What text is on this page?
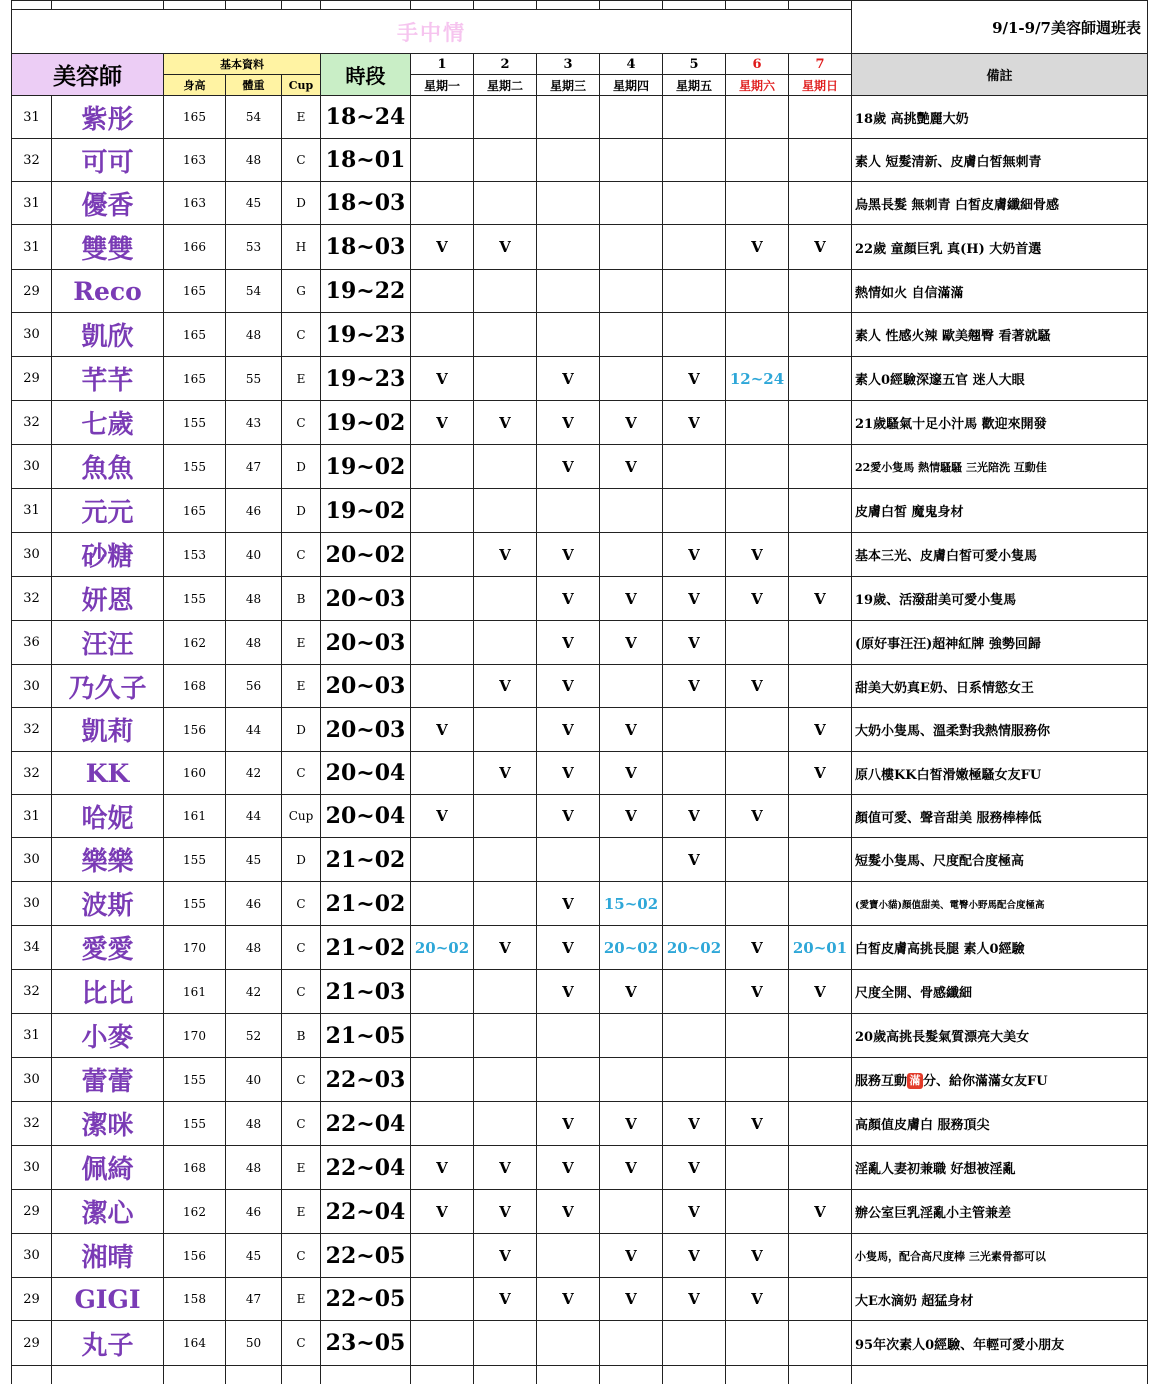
													9/1-9/7美容師週班表
手中情													
美容師		基本資料			時段	1	2	3	4	5	6	7	備註
		身高	體重	Cup		星期一	星期二	星期三	星期四	星期五	星期六	星期日	
31	紫彤	165	54	E	18~24								18歲 高挑艷麗大奶
32	可可	163	48	C	18~01								素人 短髮清新、皮膚白皙無刺青
31	優香	163	45	D	18~03								烏黑長髮 無刺青 白皙皮膚纖細骨感
31	雙雙	166	53	H	18~03	V	V				V	V	22歲 童顏巨乳 真(H) 大奶首選
29	Reco	165	54	G	19~22								熱情如火 自信滿滿
30	凱欣	165	48	C	19~23								素人 性感火辣 歐美翹臀 看著就騷
29	芊芊	165	55	E	19~23	V		V		V	12~24		素人0經驗深邃五官 迷人大眼
32	七歲	155	43	C	19~02	V	V	V	V	V			21歲騷氣十足小汁馬 歡迎來開發
30	魚魚	155	47	D	19~02			V	V				22愛小隻馬 熱情騷騷 三光陪洗 互動佳
31	元元	165	46	D	19~02								皮膚白皙 魔鬼身材
30	砂糖	153	40	C	20~02		V	V		V	V		基本三光、皮膚白皙可愛小隻馬
32	妍恩	155	48	B	20~03			V	V	V	V	V	19歲、活潑甜美可愛小隻馬
36	汪汪	162	48	E	20~03			V	V	V			(原好事汪汪)超神紅牌 強勢回歸
30	乃久子	168	56	E	20~03		V	V		V	V		甜美大奶真E奶、日系情慾女王
32	凱莉	156	44	D	20~03	V		V	V			V	大奶小隻馬、溫柔對我熱情服務你
32	KK	160	42	C	20~04		V	V	V			V	原八樓KK白皙滑嫩極騷女友FU
31	哈妮	161	44	Cup	20~04	V		V	V	V	V		顏值可愛、聲音甜美 服務棒棒低
30	樂樂	155	45	D	21~02					V			短髮小隻馬、尺度配合度極高
30	波斯	155	46	C	21~02			V	15~02				(愛寶小貓)顏值甜美、電臀小野馬配合度極高
34	愛愛	170	48	C	21~02	20~02	V	V	20~02	20~02	V	20~01	白皙皮膚高挑長腿 素人0經驗
32	比比	161	42	C	21~03			V	V		V	V	尺度全開、骨感纖細
31	小麥	170	52	B	21~05								20歲高挑長髮氣質漂亮大美女
30	蕾蕾	155	40	C	22~03								服務互動 滿 分、給你滿滿女友FU
32	潔咪	155	48	C	22~04			V	V	V	V		高顏值皮膚白 服務頂尖
30	佩綺	168	48	E	22~04	V	V	V	V	V			淫亂人妻初兼職 好想被淫亂
29	潔心	162	46	E	22~04	V	V	V		V		V	辦公室巨乳淫亂小主管兼差
30	湘晴	156	45	C	22~05		V		V	V	V		小隻馬，配合高尺度棒 三光素骨都可以
29	GIGI	158	47	E	22~05		V	V	V	V	V		大E水滴奶 超猛身材
29	丸子	164	50	C	23~05								95年次素人0經驗、年輕可愛小朋友
